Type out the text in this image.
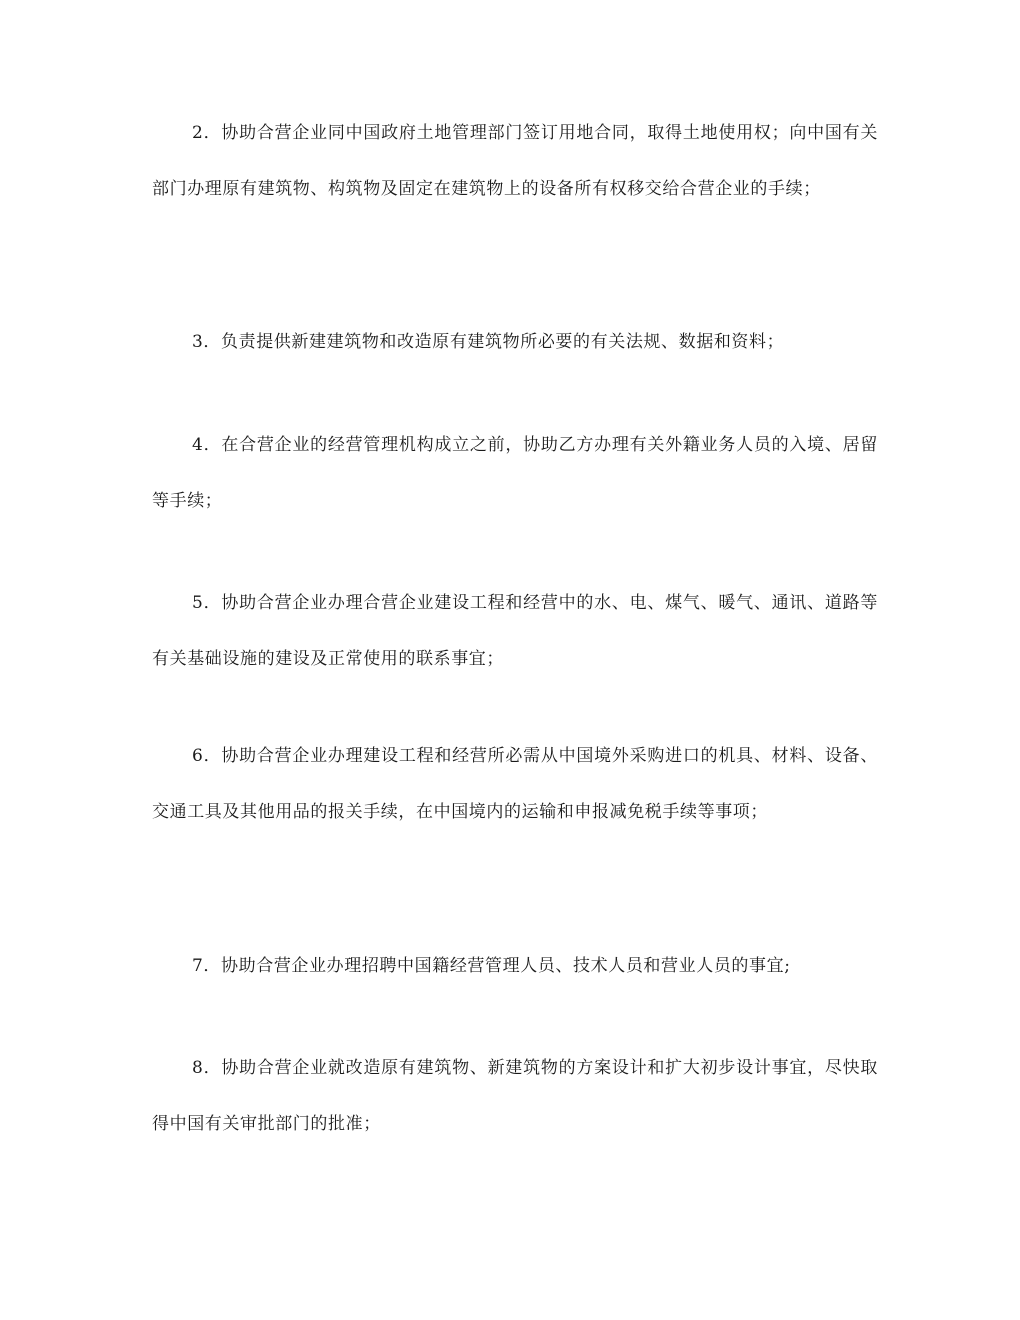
2．协助合营企业同中国政府土地管理部门签订用地合同，取得土地使用权；向中国有关部门办理原有建筑物、构筑物及固定在建筑物上的设备所有权移交给合营企业的手续；

3．负责提供新建建筑物和改造原有建筑物所必要的有关法规、数据和资料；

4．在合营企业的经营管理机构成立之前，协助乙方办理有关外籍业务人员的入境、居留等手续；

5．协助合营企业办理合营企业建设工程和经营中的水、电、煤气、暖气、通讯、道路等有关基础设施的建设及正常使用的联系事宜；

6．协助合营企业办理建设工程和经营所必需从中国境外采购进口的机具、材料、设备、交通工具及其他用品的报关手续，在中国境内的运输和申报减免税手续等事项；

7．协助合营企业办理招聘中国籍经营管理人员、技术人员和营业人员的事宜;

8．协助合营企业就改造原有建筑物、新建筑物的方案设计和扩大初步设计事宜，尽快取得中国有关审批部门的批准；
